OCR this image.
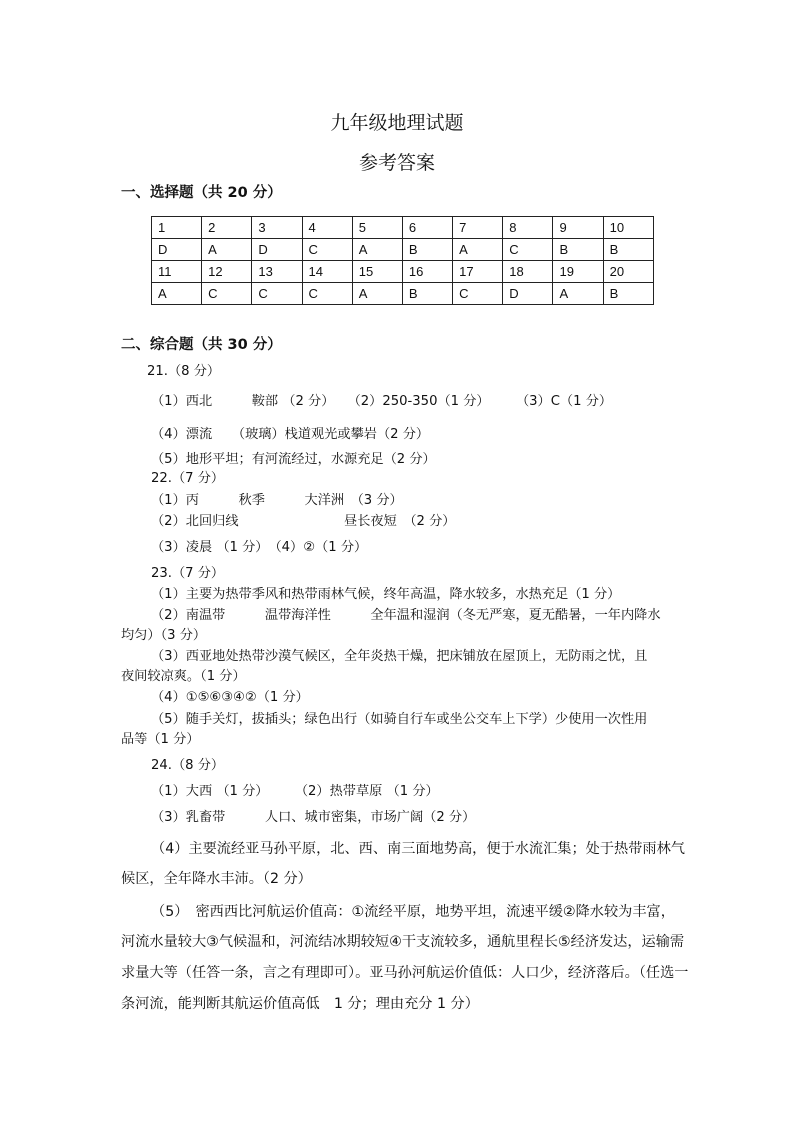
九年级地理试题
参考答案
一、选择题（共 20 分）
1	2	3	4	5	6	7	8	9	10
D	A	D	C	A	B	A	C	B	B
11	12	13	14	15	16	17	18	19	20
A	C	C	C	A	B	C	D	A	B
二、综合题（共 30 分）
21.（8 分）
（1）西北　　　鞍部 （2 分）　　（2）250-350（1 分）　　　（3）C（1 分）
（4）漂流　　（玻璃）栈道观光或攀岩（2 分）
（5）地形平坦；有河流经过，水源充足（2 分）
22.（7 分）
（1）丙　　　秋季　　　大洋洲　（3 分）
（2）北回归线　　　　　　　　昼长夜短　（2 分）
（3）凌晨 （1 分）　（4）②（1 分）
23.（7 分）
（1）主要为热带季风和热带雨林气候，终年高温，降水较多，水热充足（1 分）
（2）南温带　　　温带海洋性　　　全年温和湿润（冬无严寒，夏无酷暑，一年内降水
均匀）（3 分）
（3）西亚地处热带沙漠气候区，全年炎热干燥，把床铺放在屋顶上，无防雨之忧，且
夜间较凉爽。（1 分）
（4）①⑤⑥③④②（1 分）
（5）随手关灯，拔插头；绿色出行（如骑自行车或坐公交车上下学）少使用一次性用
品等（1 分）
24.（8 分）
（1）大西 （1 分）　　　（2）热带草原 （1 分）
（3）乳畜带　　　人口、城市密集，市场广阔（2 分）
（4）主要流经亚马孙平原，北、西、南三面地势高，便于水流汇集；处于热带雨林气
候区，全年降水丰沛。（2 分）
（5）　密西西比河航运价值高：①流经平原，地势平坦，流速平缓②降水较为丰富，
河流水量较大③气候温和，河流结冰期较短④干支流较多，通航里程长⑤经济发达，运输需
求量大等（任答一条，言之有理即可）。亚马孙河航运价值低：人口少，经济落后。（任选一
条河流，能判断其航运价值高低　1 分；理由充分 1 分）
